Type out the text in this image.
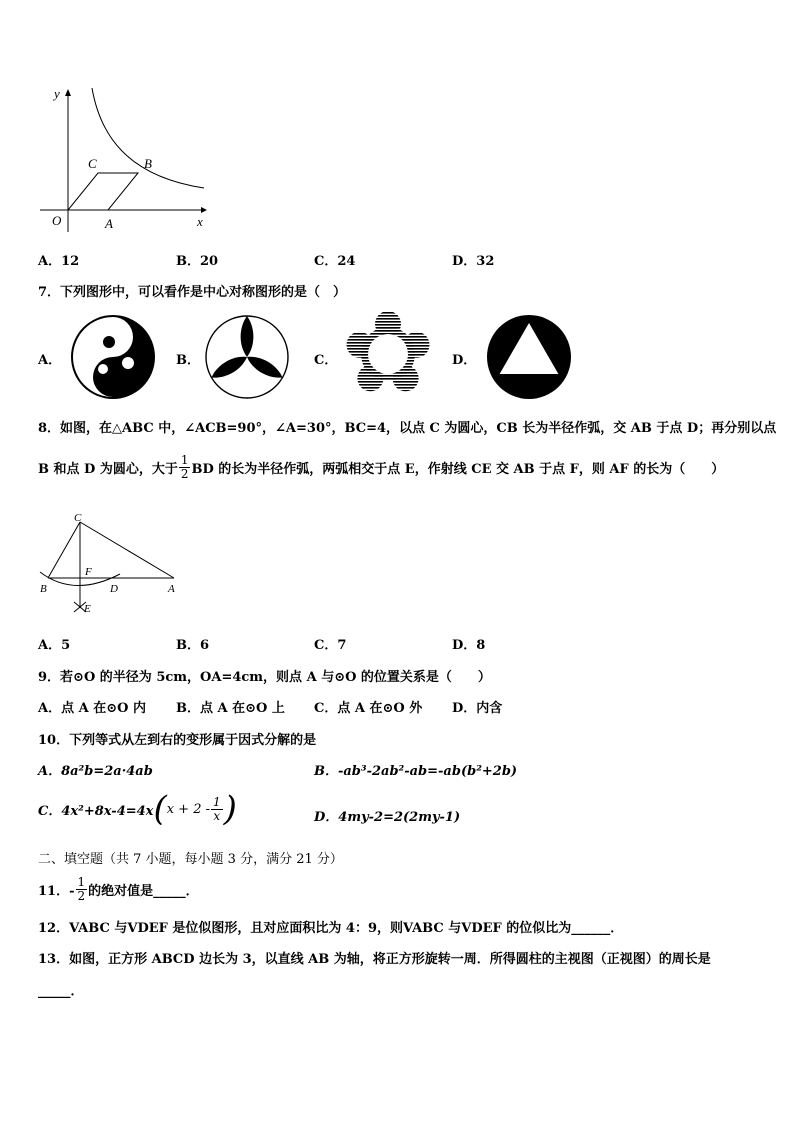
y
x
O	A
C	B
A．12	B．20	C．24	D．32
7．下列图形中，可以看作是中心对称图形的是（　）
A．	B．	C．	D．
8．如图，在△ABC 中，∠ACB=90°，∠A=30°，BC=4，以点 C 为圆心，CB 长为半径作弧，交 AB 于点 D；再分别以点
B 和点 D 为圆心，大于 $\frac{1}{2}$ BD 的长为半径作弧，两弧相交于点 E，作射线 CE 交 AB 于点 F，则 AF 的长为（　　）
C
F
B	D	A
E
A．5	B．6	C．7	D．8
9．若⊙O 的半径为 5cm，OA=4cm，则点 A 与⊙O 的位置关系是（　　）
A．点 A 在⊙O 内 B．点 A 在⊙O 上 C．点 A 在⊙O 外 D．内含
10．下列等式从左到右的变形属于因式分解的是
A．8a²b=2a·4ab	B．-ab³-2ab²-ab=-ab(b²+2b)
C．4x²+8x-4=4x ( $x + 2 - \frac{1}{x}$ )	D．4my-2=2(2my-1)
二、填空题（共 7 小题，每小题 3 分，满分 21 分）
11．- $\frac{1}{2}$ 的绝对值是_____．
12．VABC 与VDEF 是位似图形，且对应面积比为 4：9，则VABC 与VDEF 的位似比为______．
13．如图，正方形 ABCD 边长为 3，以直线 AB 为轴，将正方形旋转一周．所得圆柱的主视图（正视图）的周长是
_____．
